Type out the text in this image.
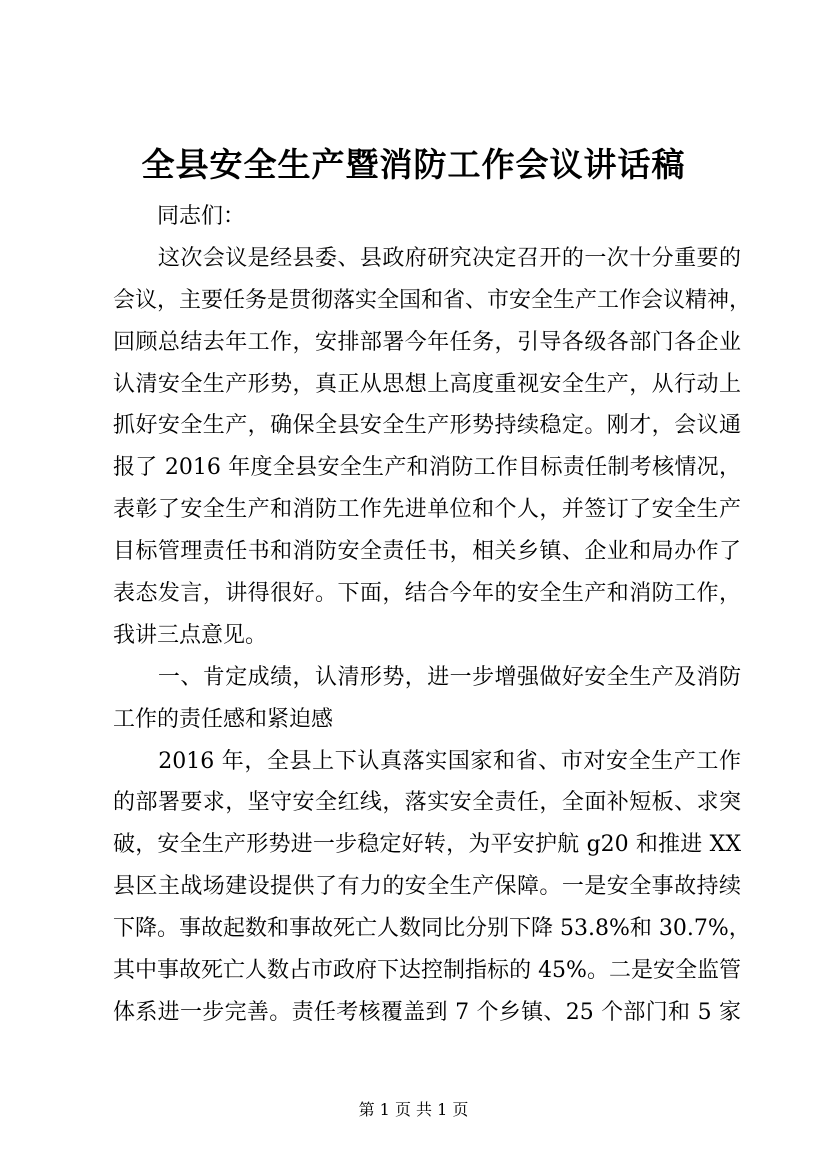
全县安全生产暨消防工作会议讲话稿
　　同志们：
　　这次会议是经县委、县政府研究决定召开的一次十分重要的
会议，主要任务是贯彻落实全国和省、市安全生产工作会议精神，
回顾总结去年工作，安排部署今年任务，引导各级各部门各企业
认清安全生产形势，真正从思想上高度重视安全生产，从行动上
抓好安全生产，确保全县安全生产形势持续稳定。刚才，会议通
报了 2016 年度全县安全生产和消防工作目标责任制考核情况，
表彰了安全生产和消防工作先进单位和个人，并签订了安全生产
目标管理责任书和消防安全责任书，相关乡镇、企业和局办作了
表态发言，讲得很好。下面，结合今年的安全生产和消防工作，
我讲三点意见。
　　一、肯定成绩，认清形势，进一步增强做好安全生产及消防
工作的责任感和紧迫感
　　2016 年，全县上下认真落实国家和省、市对安全生产工作
的部署要求，坚守安全红线，落实安全责任，全面补短板、求突
破，安全生产形势进一步稳定好转，为平安护航 g20 和推进 XX
县区主战场建设提供了有力的安全生产保障。一是安全事故持续
下降。事故起数和事故死亡人数同比分别下降 53.8%和 30.7%，
其中事故死亡人数占市政府下达控制指标的 45%。二是安全监管
体系进一步完善。责任考核覆盖到 7 个乡镇、25 个部门和 5 家
第 1 页 共 1 页
